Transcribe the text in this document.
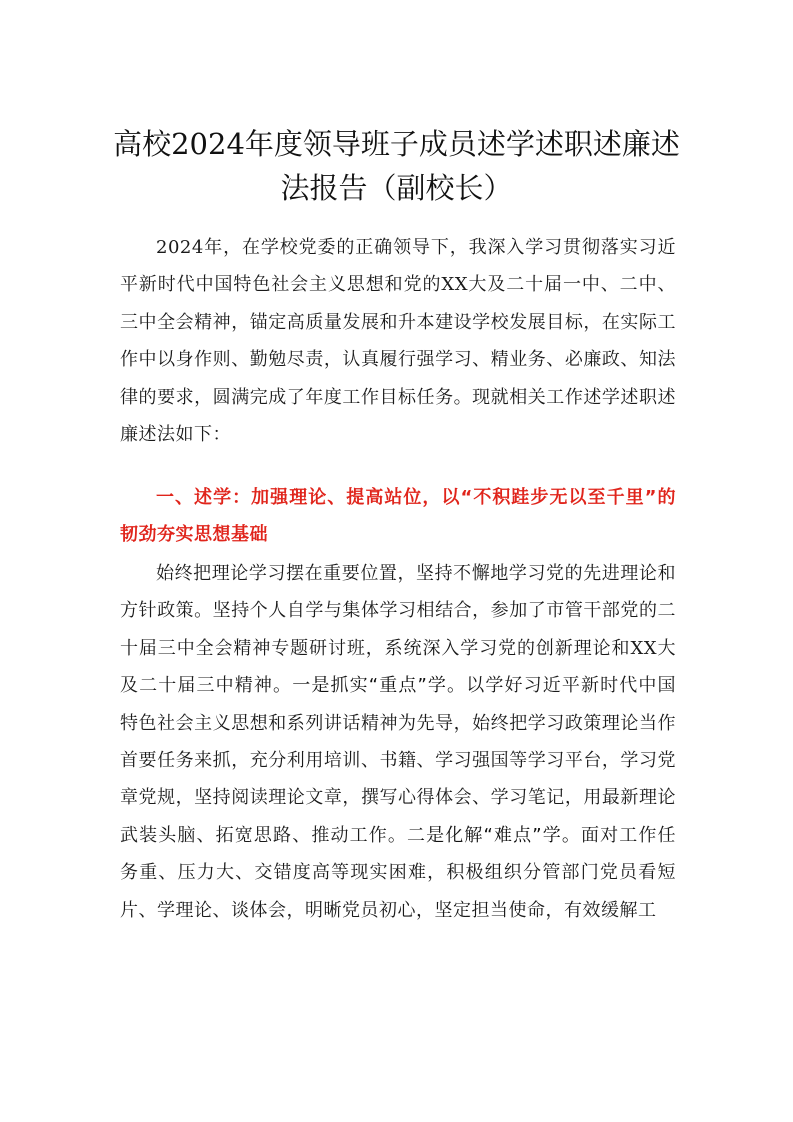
高校2024年度领导班子成员述学述职述廉述法报告（副校长）

2024年，在学校党委的正确领导下，我深入学习贯彻落实习近平新时代中国特色社会主义思想和党的XX大及二十届一中、二中、三中全会精神，锚定高质量发展和升本建设学校发展目标，在实际工作中以身作则、勤勉尽责，认真履行强学习、精业务、必廉政、知法律的要求，圆满完成了年度工作目标任务。现就相关工作述学述职述廉述法如下：

一、述学：加强理论、提高站位，以“不积跬步无以至千里”的韧劲夯实思想基础

始终把理论学习摆在重要位置，坚持不懈地学习党的先进理论和方针政策。坚持个人自学与集体学习相结合，参加了市管干部党的二十届三中全会精神专题研讨班，系统深入学习党的创新理论和XX大及二十届三中精神。一是抓实“重点”学。以学好习近平新时代中国特色社会主义思想和系列讲话精神为先导，始终把学习政策理论当作首要任务来抓，充分利用培训、书籍、学习强国等学习平台，学习党章党规，坚持阅读理论文章，撰写心得体会、学习笔记，用最新理论武装头脑、拓宽思路、推动工作。二是化解“难点”学。面对工作任务重、压力大、交错度高等现实困难，积极组织分管部门党员看短片、学理论、谈体会，明晰党员初心，坚定担当使命，有效缓解工
